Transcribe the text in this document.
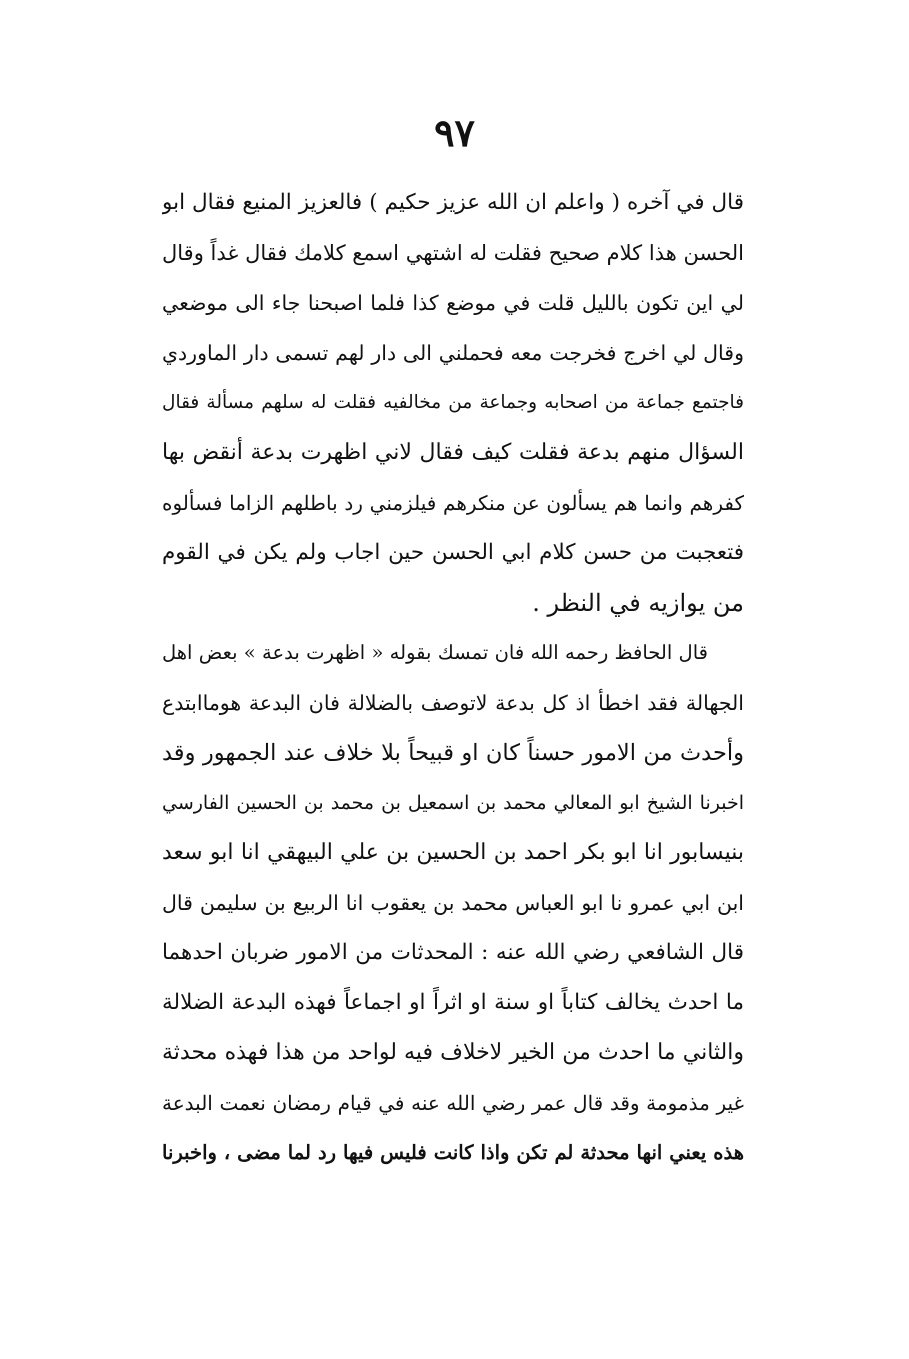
٩٧
قال في آخره ( واعلم ان الله عزيز حكيم ) فالعزيز المنيع فقال ابو
الحسن هذا كلام صحيح فقلت له اشتهي اسمع كلامك فقال غداً وقال
لي اين تكون بالليل قلت في موضع كذا فلما اصبحنا جاء الى موضعي
وقال لي اخرج فخرجت معه فحملني الى دار لهم تسمى دار الماوردي
فاجتمع جماعة من اصحابه وجماعة من مخالفيه فقلت له سلهم مسألة فقال
السؤال منهم بدعة فقلت كيف فقال لاني اظهرت بدعة أنقض بها
كفرهم وانما هم يسألون عن منكرهم فيلزمني رد باطلهم الزاما فسألوه
فتعجبت من حسن كلام ابي الحسن حين اجاب ولم يكن في القوم
من يوازيه في النظر .
قال الحافظ رحمه الله فان تمسك بقوله « اظهرت بدعة » بعض اهل
الجهالة فقد اخطأ اذ كل بدعة لاتوصف بالضلالة فان البدعة هوماابتدع
وأحدث من الامور حسناً كان او قبيحاً بلا خلاف عند الجمهور وقد
اخبرنا الشيخ ابو المعالي محمد بن اسمعيل بن محمد بن الحسين الفارسي
بنيسابور انا ابو بكر احمد بن الحسين بن علي البيهقي انا ابو سعد
ابن ابي عمرو نا ابو العباس محمد بن يعقوب انا الربيع بن سليمن قال
قال الشافعي رضي الله عنه : المحدثات من الامور ضربان احدهما
ما احدث يخالف كتاباً او سنة او اثراً او اجماعاً فهذه البدعة الضلالة
والثاني ما احدث من الخير لاخلاف فيه لواحد من هذا فهذه محدثة
غير مذمومة وقد قال عمر رضي الله عنه في قيام رمضان نعمت البدعة
هذه يعني انها محدثة لم تكن واذا كانت فليس فيها رد لما مضى ، واخبرنا
